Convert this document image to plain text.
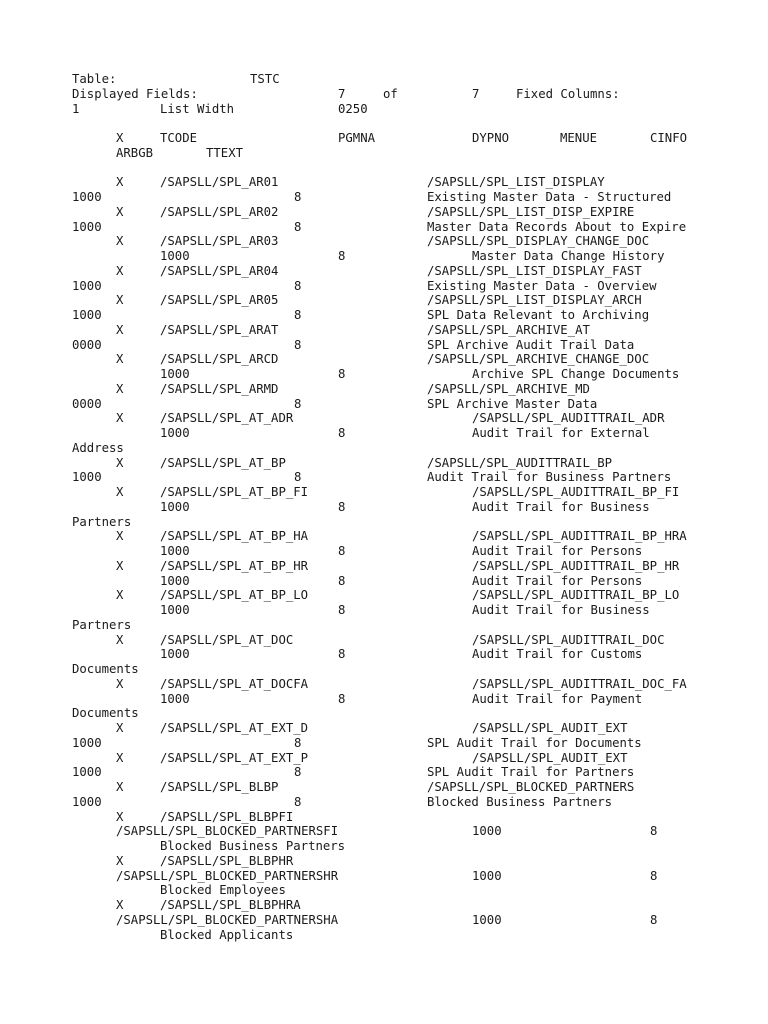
Table:	TSTC
Displayed Fields:	7	of	7	Fixed Columns:
1	List Width	0250
X	TCODE	PGMNA	DYPNO	MENUE	CINFO
ARBGB	TTEXT
X	/SAPSLL/SPL_AR01	/SAPSLL/SPL_LIST_DISPLAY
1000	8	Existing Master Data - Structured
X	/SAPSLL/SPL_AR02	/SAPSLL/SPL_LIST_DISP_EXPIRE
1000	8	Master Data Records About to Expire
X	/SAPSLL/SPL_AR03	/SAPSLL/SPL_DISPLAY_CHANGE_DOC
1000	8	Master Data Change History
X	/SAPSLL/SPL_AR04	/SAPSLL/SPL_LIST_DISPLAY_FAST
1000	8	Existing Master Data - Overview
X	/SAPSLL/SPL_AR05	/SAPSLL/SPL_LIST_DISPLAY_ARCH
1000	8	SPL Data Relevant to Archiving
X	/SAPSLL/SPL_ARAT	/SAPSLL/SPL_ARCHIVE_AT
0000	8	SPL Archive Audit Trail Data
X	/SAPSLL/SPL_ARCD	/SAPSLL/SPL_ARCHIVE_CHANGE_DOC
1000	8	Archive SPL Change Documents
X	/SAPSLL/SPL_ARMD	/SAPSLL/SPL_ARCHIVE_MD
0000	8	SPL Archive Master Data
X	/SAPSLL/SPL_AT_ADR	/SAPSLL/SPL_AUDITTRAIL_ADR
1000	8	Audit Trail for External
Address
X	/SAPSLL/SPL_AT_BP	/SAPSLL/SPL_AUDITTRAIL_BP
1000	8	Audit Trail for Business Partners
X	/SAPSLL/SPL_AT_BP_FI	/SAPSLL/SPL_AUDITTRAIL_BP_FI
1000	8	Audit Trail for Business
Partners
X	/SAPSLL/SPL_AT_BP_HA	/SAPSLL/SPL_AUDITTRAIL_BP_HRA
1000	8	Audit Trail for Persons
X	/SAPSLL/SPL_AT_BP_HR	/SAPSLL/SPL_AUDITTRAIL_BP_HR
1000	8	Audit Trail for Persons
X	/SAPSLL/SPL_AT_BP_LO	/SAPSLL/SPL_AUDITTRAIL_BP_LO
1000	8	Audit Trail for Business
Partners
X	/SAPSLL/SPL_AT_DOC	/SAPSLL/SPL_AUDITTRAIL_DOC
1000	8	Audit Trail for Customs
Documents
X	/SAPSLL/SPL_AT_DOCFA	/SAPSLL/SPL_AUDITTRAIL_DOC_FA
1000	8	Audit Trail for Payment
Documents
X	/SAPSLL/SPL_AT_EXT_D	/SAPSLL/SPL_AUDIT_EXT
1000	8	SPL Audit Trail for Documents
X	/SAPSLL/SPL_AT_EXT_P	/SAPSLL/SPL_AUDIT_EXT
1000	8	SPL Audit Trail for Partners
X	/SAPSLL/SPL_BLBP	/SAPSLL/SPL_BLOCKED_PARTNERS
1000	8	Blocked Business Partners
X	/SAPSLL/SPL_BLBPFI
/SAPSLL/SPL_BLOCKED_PARTNERSFI	1000	8
Blocked Business Partners
X	/SAPSLL/SPL_BLBPHR
/SAPSLL/SPL_BLOCKED_PARTNERSHR	1000	8
Blocked Employees
X	/SAPSLL/SPL_BLBPHRA
/SAPSLL/SPL_BLOCKED_PARTNERSHA	1000	8
Blocked Applicants
